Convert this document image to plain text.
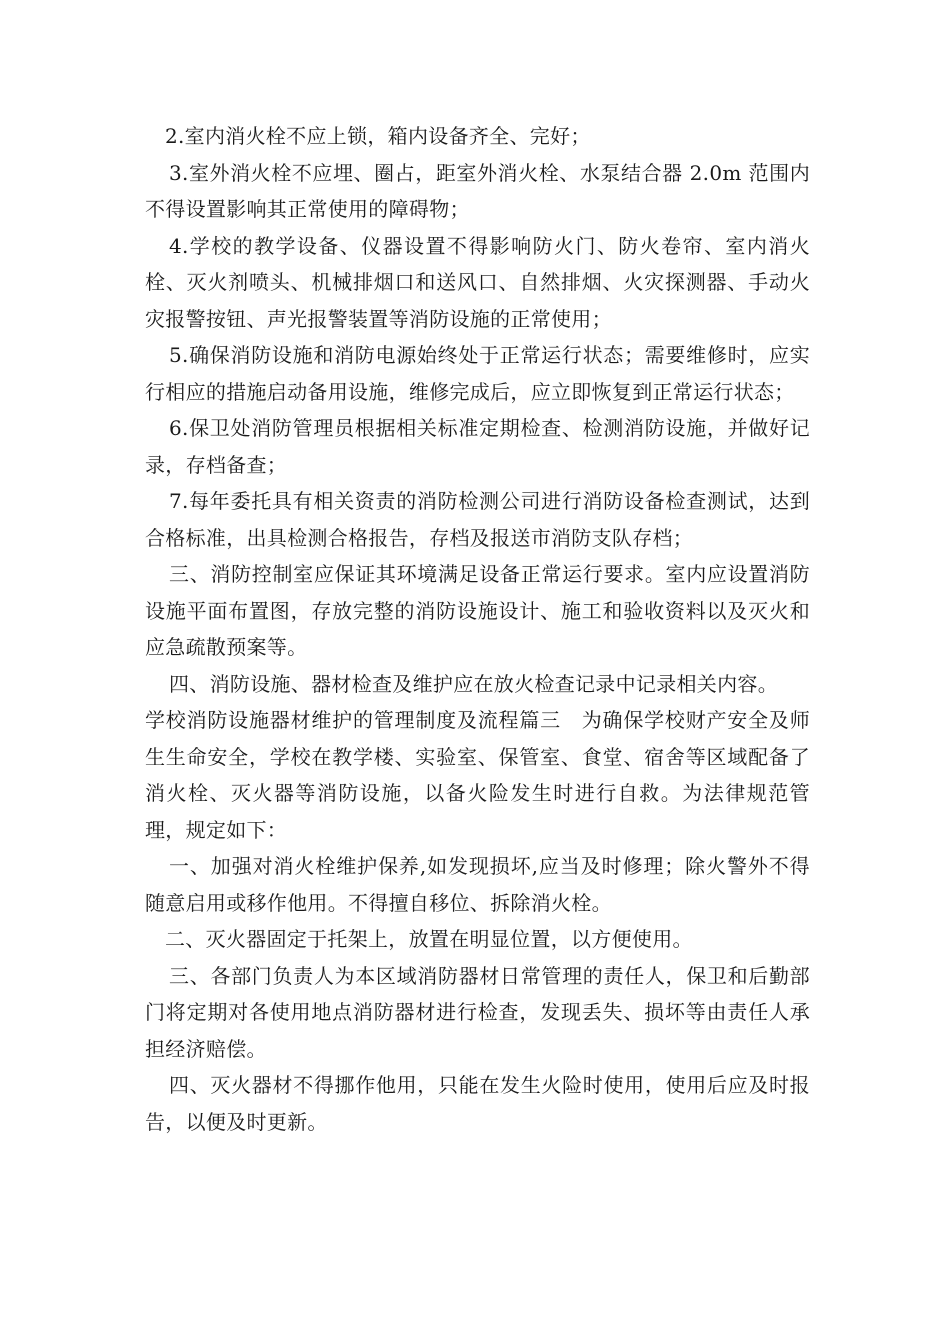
2.室内消火栓不应上锁，箱内设备齐全、完好；

3.室外消火栓不应埋、圈占，距室外消火栓、水泵结合器 2.0m 范围内不得设置影响其正常使用的障碍物；

4.学校的教学设备、仪器设置不得影响防火门、防火卷帘、室内消火栓、灭火剂喷头、机械排烟口和送风口、自然排烟、火灾探测器、手动火灾报警按钮、声光报警装置等消防设施的正常使用；

5.确保消防设施和消防电源始终处于正常运行状态；需要维修时，应实行相应的措施启动备用设施，维修完成后，应立即恢复到正常运行状态；

6.保卫处消防管理员根据相关标准定期检查、检测消防设施，并做好记录，存档备查；

7.每年委托具有相关资责的消防检测公司进行消防设备检查测试，达到合格标准，出具检测合格报告，存档及报送市消防支队存档；

三、消防控制室应保证其环境满足设备正常运行要求。室内应设置消防设施平面布置图，存放完整的消防设施设计、施工和验收资料以及灭火和应急疏散预案等。

四、消防设施、器材检查及维护应在放火检查记录中记录相关内容。

学校消防设施器材维护的管理制度及流程篇三　为确保学校财产安全及师生生命安全，学校在教学楼、实验室、保管室、食堂、宿舍等区域配备了消火栓、灭火器等消防设施，以备火险发生时进行自救。为法律规范管理，规定如下：

一、加强对消火栓维护保养,如发现损坏,应当及时修理；除火警外不得随意启用或移作他用。不得擅自移位、拆除消火栓。

二、灭火器固定于托架上，放置在明显位置，以方便使用。

三、各部门负责人为本区域消防器材日常管理的责任人，保卫和后勤部门将定期对各使用地点消防器材进行检查，发现丢失、损坏等由责任人承担经济赔偿。

四、灭火器材不得挪作他用，只能在发生火险时使用，使用后应及时报告，以便及时更新。
